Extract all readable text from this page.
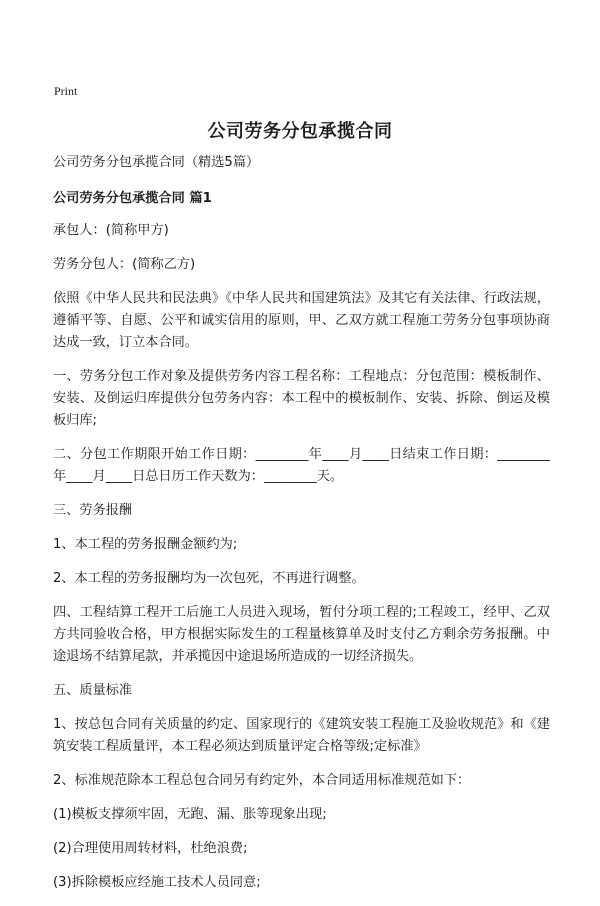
Print
公司劳务分包承揽合同

公司劳务分包承揽合同（精选5篇）

公司劳务分包承揽合同 篇1

承包人：(简称甲方)

劳务分包人：(简称乙方)

依照《中华人民共和民法典》《中华人民共和国建筑法》及其它有关法律、行政法规，遵循平等、自愿、公平和诚实信用的原则，甲、乙双方就工程施工劳务分包事项协商达成一致，订立本合同。

一、劳务分包工作对象及提供劳务内容工程名称：工程地点：分包范围：模板制作、安装、及倒运归库提供分包劳务内容：本工程中的模板制作、安装、拆除、倒运及模板归库;

二、分包工作期限开始工作日期：________年____月____日结束工作日期：________年____月____日总日历工作天数为：________天。

三、劳务报酬

1、本工程的劳务报酬金额约为;

2、本工程的劳务报酬均为一次包死，不再进行调整。

四、工程结算工程开工后施工人员进入现场，暂付分项工程的;工程竣工，经甲、乙双方共同验收合格，甲方根据实际发生的工程量核算单及时支付乙方剩余劳务报酬。中途退场不结算尾款，并承揽因中途退场所造成的一切经济损失。

五、质量标准

1、按总包合同有关质量的约定、国家现行的《建筑安装工程施工及验收规范》和《建筑安装工程质量评，本工程必须达到质量评定合格等级;定标准》

2、标准规范除本工程总包合同另有约定外，本合同适用标准规范如下：

(1)模板支撑须牢固，无跑、漏、胀等现象出现;

(2)合理使用周转材料，杜绝浪费;

(3)拆除模板应经施工技术人员同意;
